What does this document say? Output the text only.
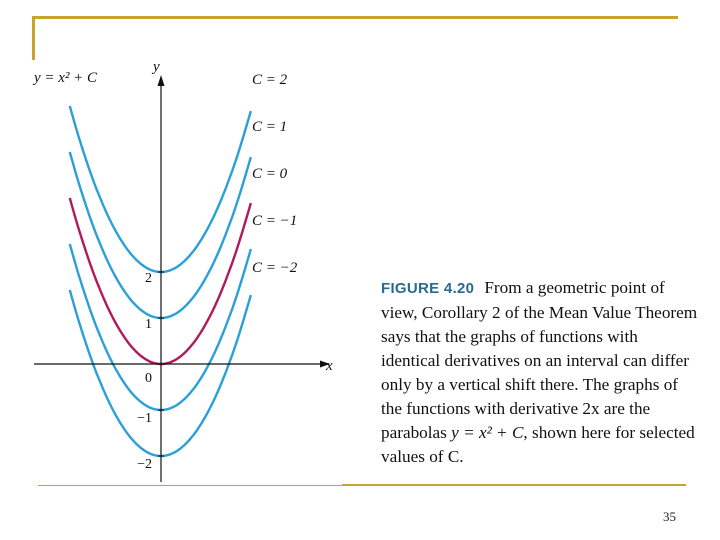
x
y
y = x² + C
2
1
0
−1
−2
C = 2
C = 1
C = 0
C = −1
C = −2
FIGURE 4.20 From a geometric point of view, Corollary 2 of the Mean Value Theorem says that the graphs of functions with identical derivatives on an interval can differ only by a vertical shift there. The graphs of the functions with derivative 2x are the parabolas y = x² + C, shown here for selected values of C.
35
